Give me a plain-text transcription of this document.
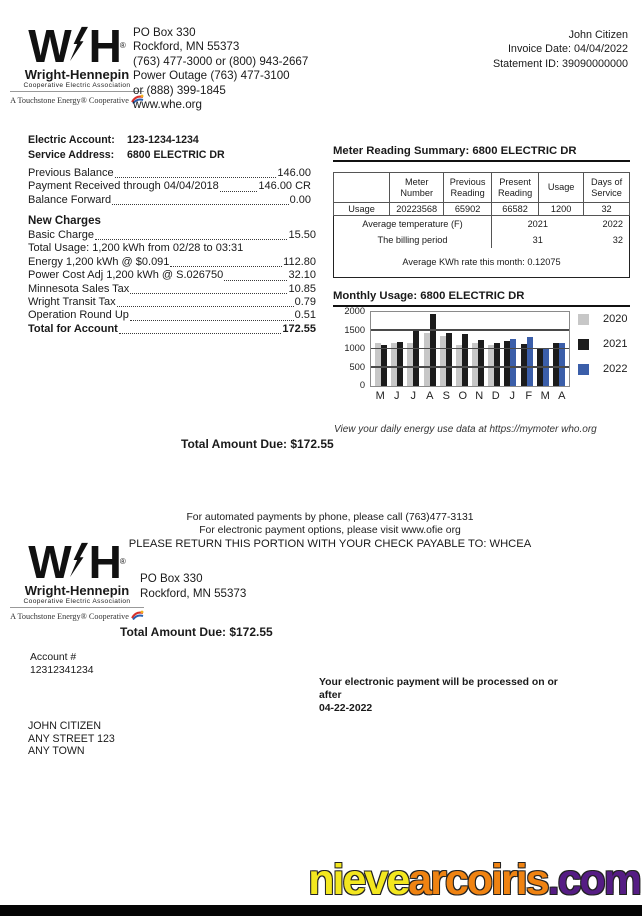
W H ®
Wright-Hennepin
Cooperative Electric Association
A Touchstone Energy® Cooperative
PO Box 330
Rockford, MN 55373
(763) 477-3000 or (800) 943-2667
Power Outage (763) 477-3100
or (888) 399-1845
www.whe.org
John Citizen
Invoice Date: 04/04/2022
Statement ID: 39090000000
Electric Account: 123-1234-1234
Service Address: 6800 ELECTRIC DR
Previous Balance	146.00
Payment Received through 04/04/2018	146.00 CR
Balance Forward	0.00
New Charges
Basic Charge	15.50
Total Usage: 1,200 kWh from 02/28 to 03:31
Energy 1,200 kWh @ $0.091	112.80
Power Cost Adj 1,200 kWh @ S.026750	32.10
Minnesota Sales Tax	10.85
Wright Transit Tax	0.79
Operation Round Up	0.51
Total for Account	172.55
Total Amount Due: $172.55
Meter Reading Summary: 6800 ELECTRIC DR
	Meter Number	Previous Reading	Present Reading	Usage	Days of Service
Usage	20223568	65902	66582	1200	32
Average temperature (F)			2021		2022
The billing period			31		32
Average KWh rate this month: 0.12075					
Monthly Usage: 6800 ELECTRIC DR
0
500
1000
1500
2000
M J	J A S O N D J F M A
2020
2021
2022
View your daily energy use data at https://mymoter who.org
For automated payments by phone, please call (763)477-3131
For electronic payment options, please visit www.ofie org
PLEASE RETURN THIS PORTION WITH YOUR CHECK PAYABLE TO: WHCEA
W H ®
Wright-Hennepin
Cooperative Electric Association
A Touchstone Energy® Cooperative
PO Box 330
Rockford, MN 55373
Total Amount Due: $172.55
Account #
12312341234
Your electronic payment will be processed on or after
04-22-2022
JOHN CITIZEN
ANY STREET 123
ANY TOWN
nievearcoiris.com
